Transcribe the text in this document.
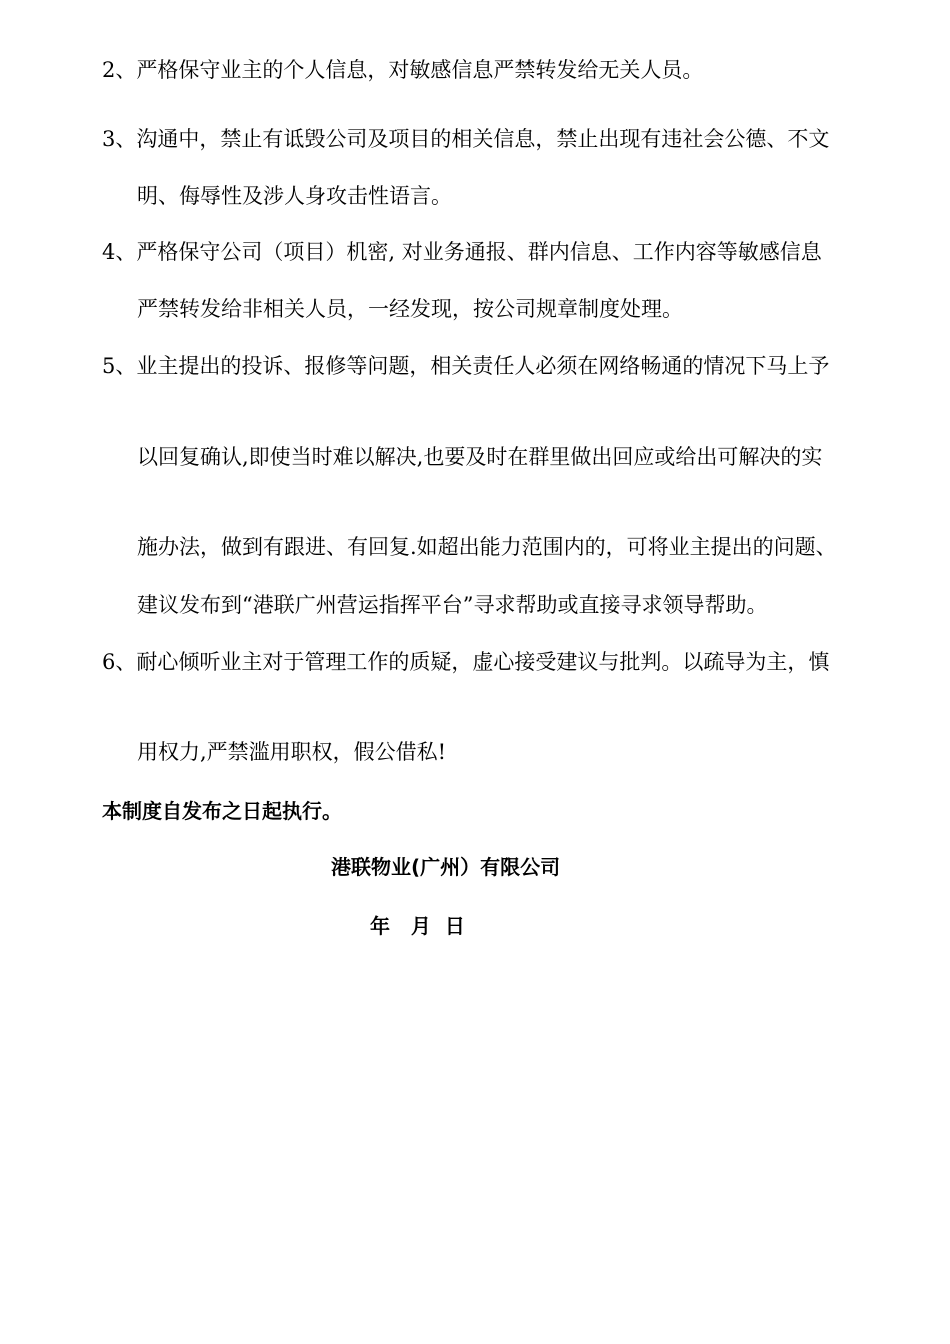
2、严格保守业主的个人信息，对敏感信息严禁转发给无关人员。
3、沟通中，禁止有诋毁公司及项目的相关信息，禁止出现有违社会公德、不文
明、侮辱性及涉人身攻击性语言。
4、严格保守公司（项目）机密, 对业务通报、群内信息、工作内容等敏感信息
严禁转发给非相关人员，一经发现，按公司规章制度处理。
5、业主提出的投诉、报修等问题，相关责任人必须在网络畅通的情况下马上予
以回复确认,即使当时难以解决,也要及时在群里做出回应或给出可解决的实
施办法，做到有跟进、有回复.如超出能力范围内的，可将业主提出的问题、
建议发布到“港联广州营运指挥平台”寻求帮助或直接寻求领导帮助。
6、耐心倾听业主对于管理工作的质疑，虚心接受建议与批判。以疏导为主，慎
用权力,严禁滥用职权，假公借私!
本制度自发布之日起执行。
港联物业(广州）有限公司
年   月  日
